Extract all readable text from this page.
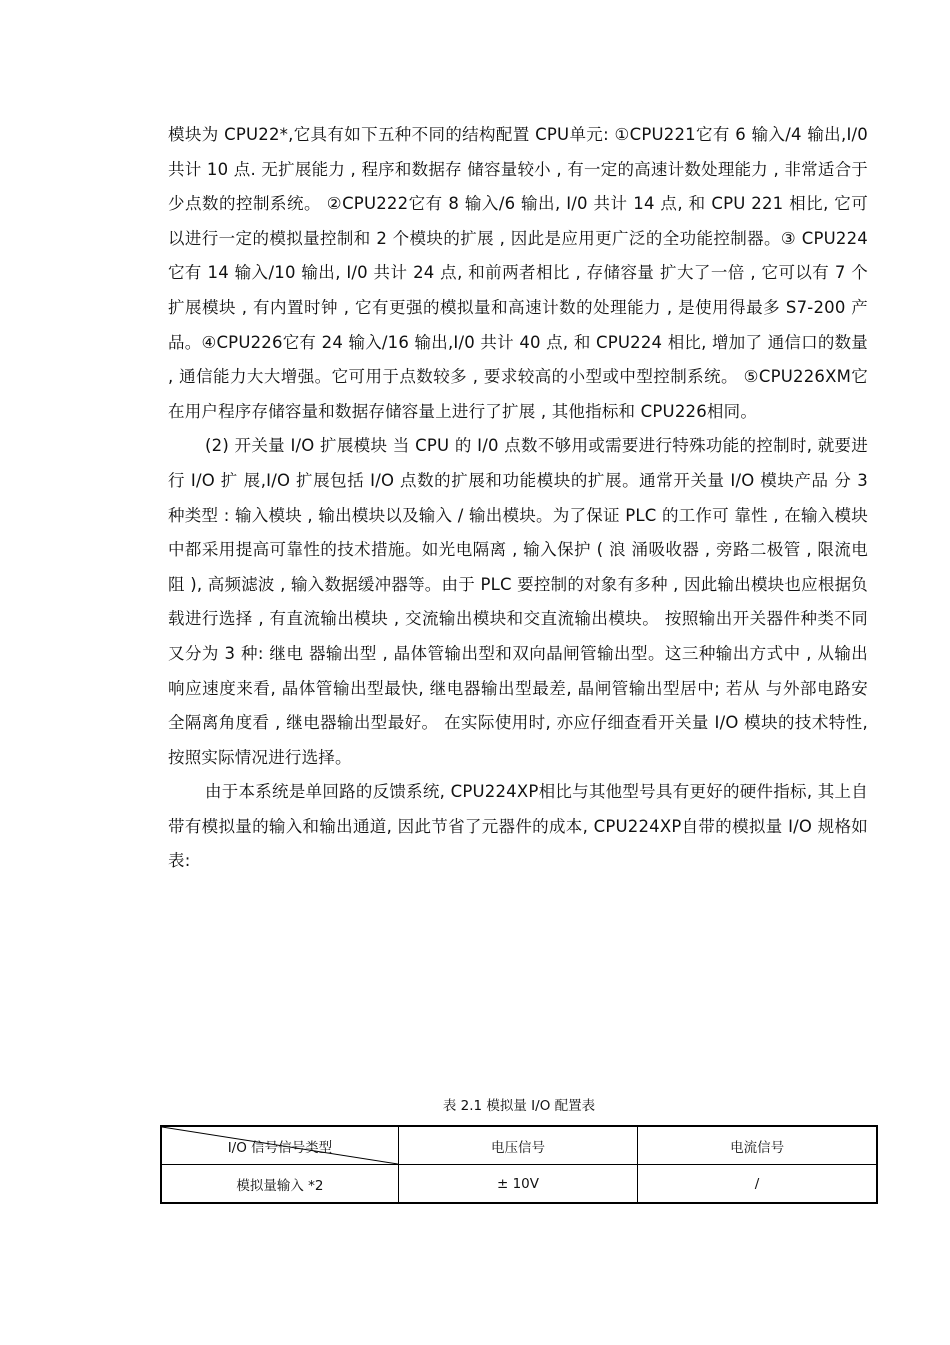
模块为 CPU22*,它具有如下五种不同的结构配置 CPU单元: ①CPU221它有 6 输入/4 输出,I/0 共计 10 点. 无扩展能力 , 程序和数据存 储容量较小 , 有一定的高速计数处理能力 , 非常适合于少点数的控制系统。 ②CPU222它有 8 输入/6 输出, I/0 共计 14 点, 和 CPU 221 相比, 它可以进行一定的模拟量控制和 2 个模块的扩展 , 因此是应用更广泛的全功能控制器。③ CPU224它有 14 输入/10 输出, I/0 共计 24 点, 和前两者相比 , 存储容量 扩大了一倍 , 它可以有 7 个扩展模块 , 有内置时钟 , 它有更强的模拟量和高速计数的处理能力 , 是使用得最多 S7-200 产品。④CPU226它有 24 输入/16 输出,I/0 共计 40 点, 和 CPU224 相比, 增加了 通信口的数量 , 通信能力大大增强。它可用于点数较多 , 要求较高的小型或中型控制系统。 ⑤CPU226XM它在用户程序存储容量和数据存储容量上进行了扩展 , 其他指标和 CPU226相同。

(2) 开关量 I/O 扩展模块 当 CPU 的 I/0 点数不够用或需要进行特殊功能的控制时, 就要进行 I/O 扩 展,I/O 扩展包括 I/O 点数的扩展和功能模块的扩展。通常开关量 I/O 模块产品 分 3 种类型 : 输入模块 , 输出模块以及输入 / 输出模块。为了保证 PLC 的工作可 靠性 , 在输入模块中都采用提高可靠性的技术措施。如光电隔离 , 输入保护 ( 浪 涌吸收器 , 旁路二极管 , 限流电阻 ), 高频滤波 , 输入数据缓冲器等。由于 PLC 要控制的对象有多种 , 因此输出模块也应根据负载进行选择 , 有直流输出模块 , 交流输出模块和交直流输出模块。 按照输出开关器件种类不同又分为 3 种: 继电 器输出型 , 晶体管输出型和双向晶闸管输出型。这三种输出方式中 , 从输出响应速度来看, 晶体管输出型最快, 继电器输出型最差, 晶闸管输出型居中; 若从 与外部电路安全隔离角度看 , 继电器输出型最好。 在实际使用时, 亦应仔细查看开关量 I/O 模块的技术特性, 按照实际情况进行选择。

由于本系统是单回路的反馈系统, CPU224XP相比与其他型号具有更好的硬件指标, 其上自带有模拟量的输入和输出通道, 因此节省了元器件的成本, CPU224XP自带的模拟量 I/O 规格如表:

表 2.1 模拟量 I/O 配置表
I/O 信号信号类型	电压信号	电流信号
模拟量输入 *2	± 10V	/
